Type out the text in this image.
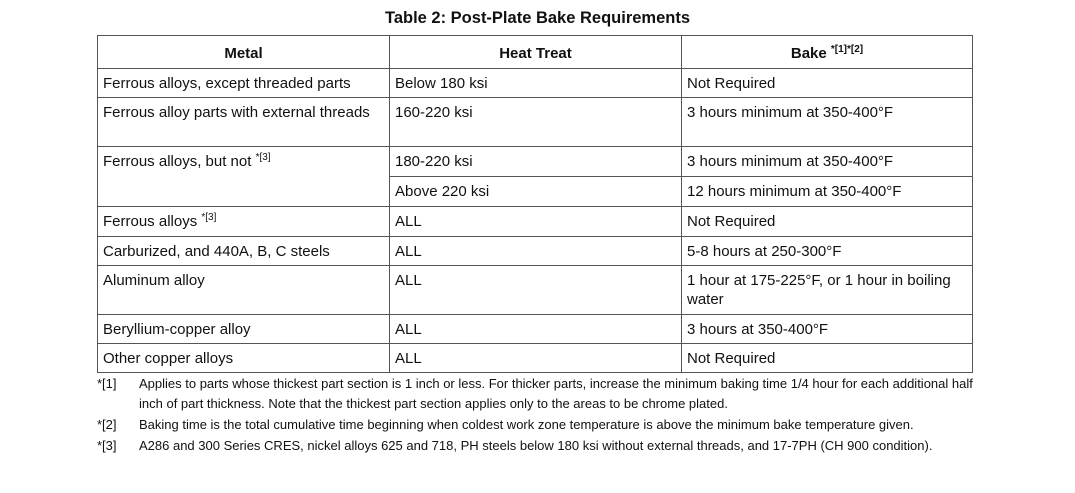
Table 2: Post-Plate Bake Requirements
Metal	Heat Treat	Bake $^{*[1]*[2]}$
Ferrous alloys, except threaded parts	Below 180 ksi	Not Required
Ferrous alloy parts with external threads	160-220 ksi	3 hours minimum at 350-400°F
Ferrous alloys, but not $^{*[3]}$	180-220 ksi	3 hours minimum at 350-400°F
	Above 220 ksi	12 hours minimum at 350-400°F
Ferrous alloys $^{*[3]}$	ALL	Not Required
Carburized, and 440A, B, C steels	ALL	5-8 hours at 250-300°F
Aluminum alloy	ALL	1 hour at 175-225°F, or 1 hour in boiling water
Beryllium-copper alloy	ALL	3 hours at 350-400°F
Other copper alloys	ALL	Not Required
*[1]	Applies to parts whose thickest part section is 1 inch or less. For thicker parts, increase the minimum baking time 1/4 hour for each additional half inch of part thickness. Note that the thickest part section applies only to the areas to be chrome plated.
*[2]	Baking time is the total cumulative time beginning when coldest work zone temperature is above the minimum bake temperature given.
*[3]	A286 and 300 Series CRES, nickel alloys 625 and 718, PH steels below 180 ksi without external threads, and 17-7PH (CH 900 condition).
